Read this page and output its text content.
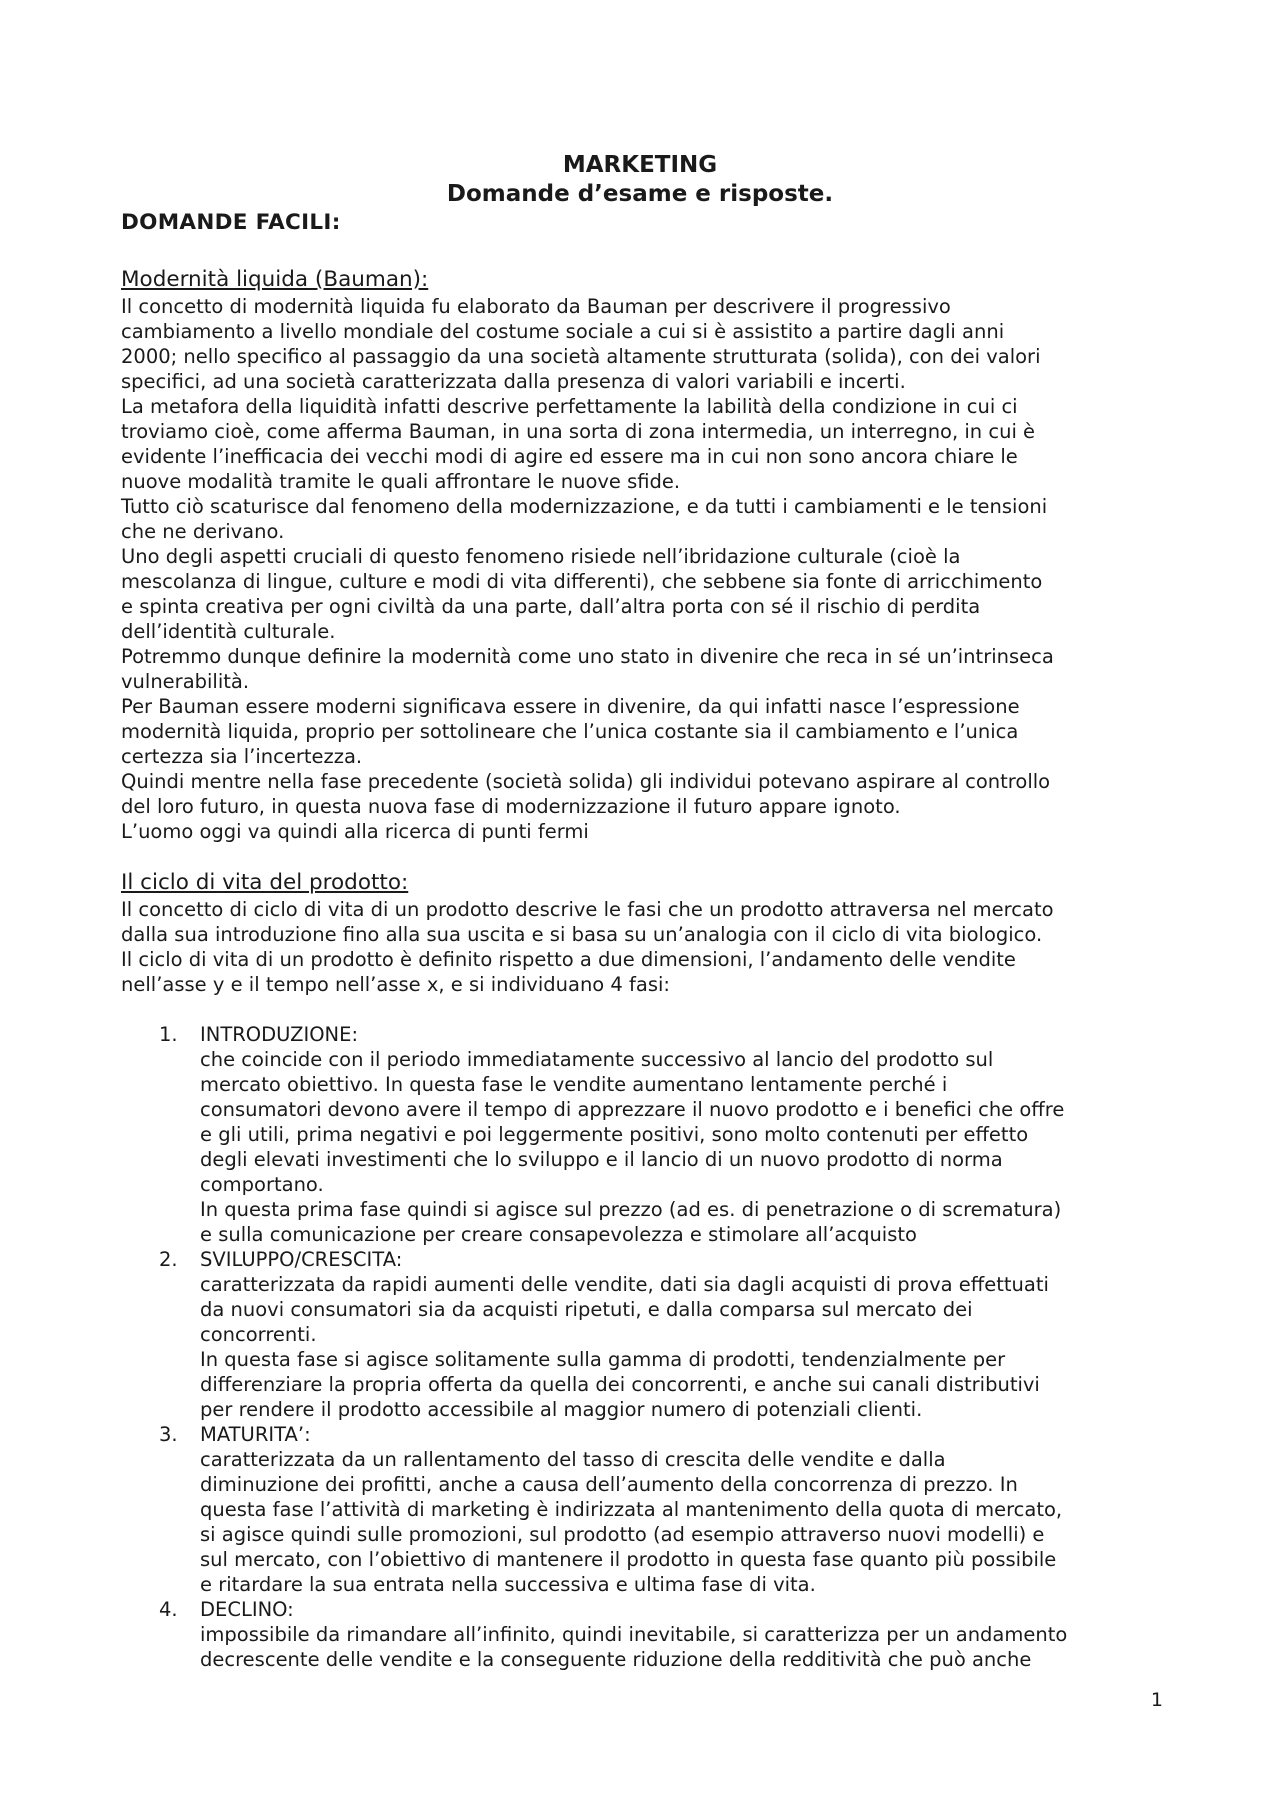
MARKETING
Domande d’esame e risposte.
DOMANDE FACILI:
Modernità liquida (Bauman):
Il concetto di modernità liquida fu elaborato da Bauman per descrivere il progressivo
cambiamento a livello mondiale del costume sociale a cui si è assistito a partire dagli anni
2000; nello specifico al passaggio da una società altamente strutturata (solida), con dei valori
specifici, ad una società caratterizzata dalla presenza di valori variabili e incerti.
La metafora della liquidità infatti descrive perfettamente la labilità della condizione in cui ci
troviamo cioè, come afferma Bauman, in una sorta di zona intermedia, un interregno, in cui è
evidente l’inefficacia dei vecchi modi di agire ed essere ma in cui non sono ancora chiare le
nuove modalità tramite le quali affrontare le nuove sfide.
Tutto ciò scaturisce dal fenomeno della modernizzazione, e da tutti i cambiamenti e le tensioni
che ne derivano.
Uno degli aspetti cruciali di questo fenomeno risiede nell’ibridazione culturale (cioè la
mescolanza di lingue, culture e modi di vita differenti), che sebbene sia fonte di arricchimento
e spinta creativa per ogni civiltà da una parte, dall’altra porta con sé il rischio di perdita
dell’identità culturale.
Potremmo dunque definire la modernità come uno stato in divenire che reca in sé un’intrinseca
vulnerabilità.
Per Bauman essere moderni significava essere in divenire, da qui infatti nasce l’espressione
modernità liquida, proprio per sottolineare che l’unica costante sia il cambiamento e l’unica
certezza sia l’incertezza.
Quindi mentre nella fase precedente (società solida) gli individui potevano aspirare al controllo
del loro futuro, in questa nuova fase di modernizzazione il futuro appare ignoto.
L’uomo oggi va quindi alla ricerca di punti fermi
Il ciclo di vita del prodotto:
Il concetto di ciclo di vita di un prodotto descrive le fasi che un prodotto attraversa nel mercato
dalla sua introduzione fino alla sua uscita e si basa su un’analogia con il ciclo di vita biologico.
Il ciclo di vita di un prodotto è definito rispetto a due dimensioni, l’andamento delle vendite
nell’asse y e il tempo nell’asse x, e si individuano 4 fasi:
1. INTRODUZIONE:
che coincide con il periodo immediatamente successivo al lancio del prodotto sul
mercato obiettivo. In questa fase le vendite aumentano lentamente perché i
consumatori devono avere il tempo di apprezzare il nuovo prodotto e i benefici che offre
e gli utili, prima negativi e poi leggermente positivi, sono molto contenuti per effetto
degli elevati investimenti che lo sviluppo e il lancio di un nuovo prodotto di norma
comportano.
In questa prima fase quindi si agisce sul prezzo (ad es. di penetrazione o di scrematura)
e sulla comunicazione per creare consapevolezza e stimolare all’acquisto
2. SVILUPPO/CRESCITA:
caratterizzata da rapidi aumenti delle vendite, dati sia dagli acquisti di prova effettuati
da nuovi consumatori sia da acquisti ripetuti, e dalla comparsa sul mercato dei
concorrenti.
In questa fase si agisce solitamente sulla gamma di prodotti, tendenzialmente per
differenziare la propria offerta da quella dei concorrenti, e anche sui canali distributivi
per rendere il prodotto accessibile al maggior numero di potenziali clienti.
3. MATURITA’:
caratterizzata da un rallentamento del tasso di crescita delle vendite e dalla
diminuzione dei profitti, anche a causa dell’aumento della concorrenza di prezzo. In
questa fase l’attività di marketing è indirizzata al mantenimento della quota di mercato,
si agisce quindi sulle promozioni, sul prodotto (ad esempio attraverso nuovi modelli) e
sul mercato, con l’obiettivo di mantenere il prodotto in questa fase quanto più possibile
e ritardare la sua entrata nella successiva e ultima fase di vita.
4. DECLINO:
impossibile da rimandare all’infinito, quindi inevitabile, si caratterizza per un andamento
decrescente delle vendite e la conseguente riduzione della redditività che può anche
1
